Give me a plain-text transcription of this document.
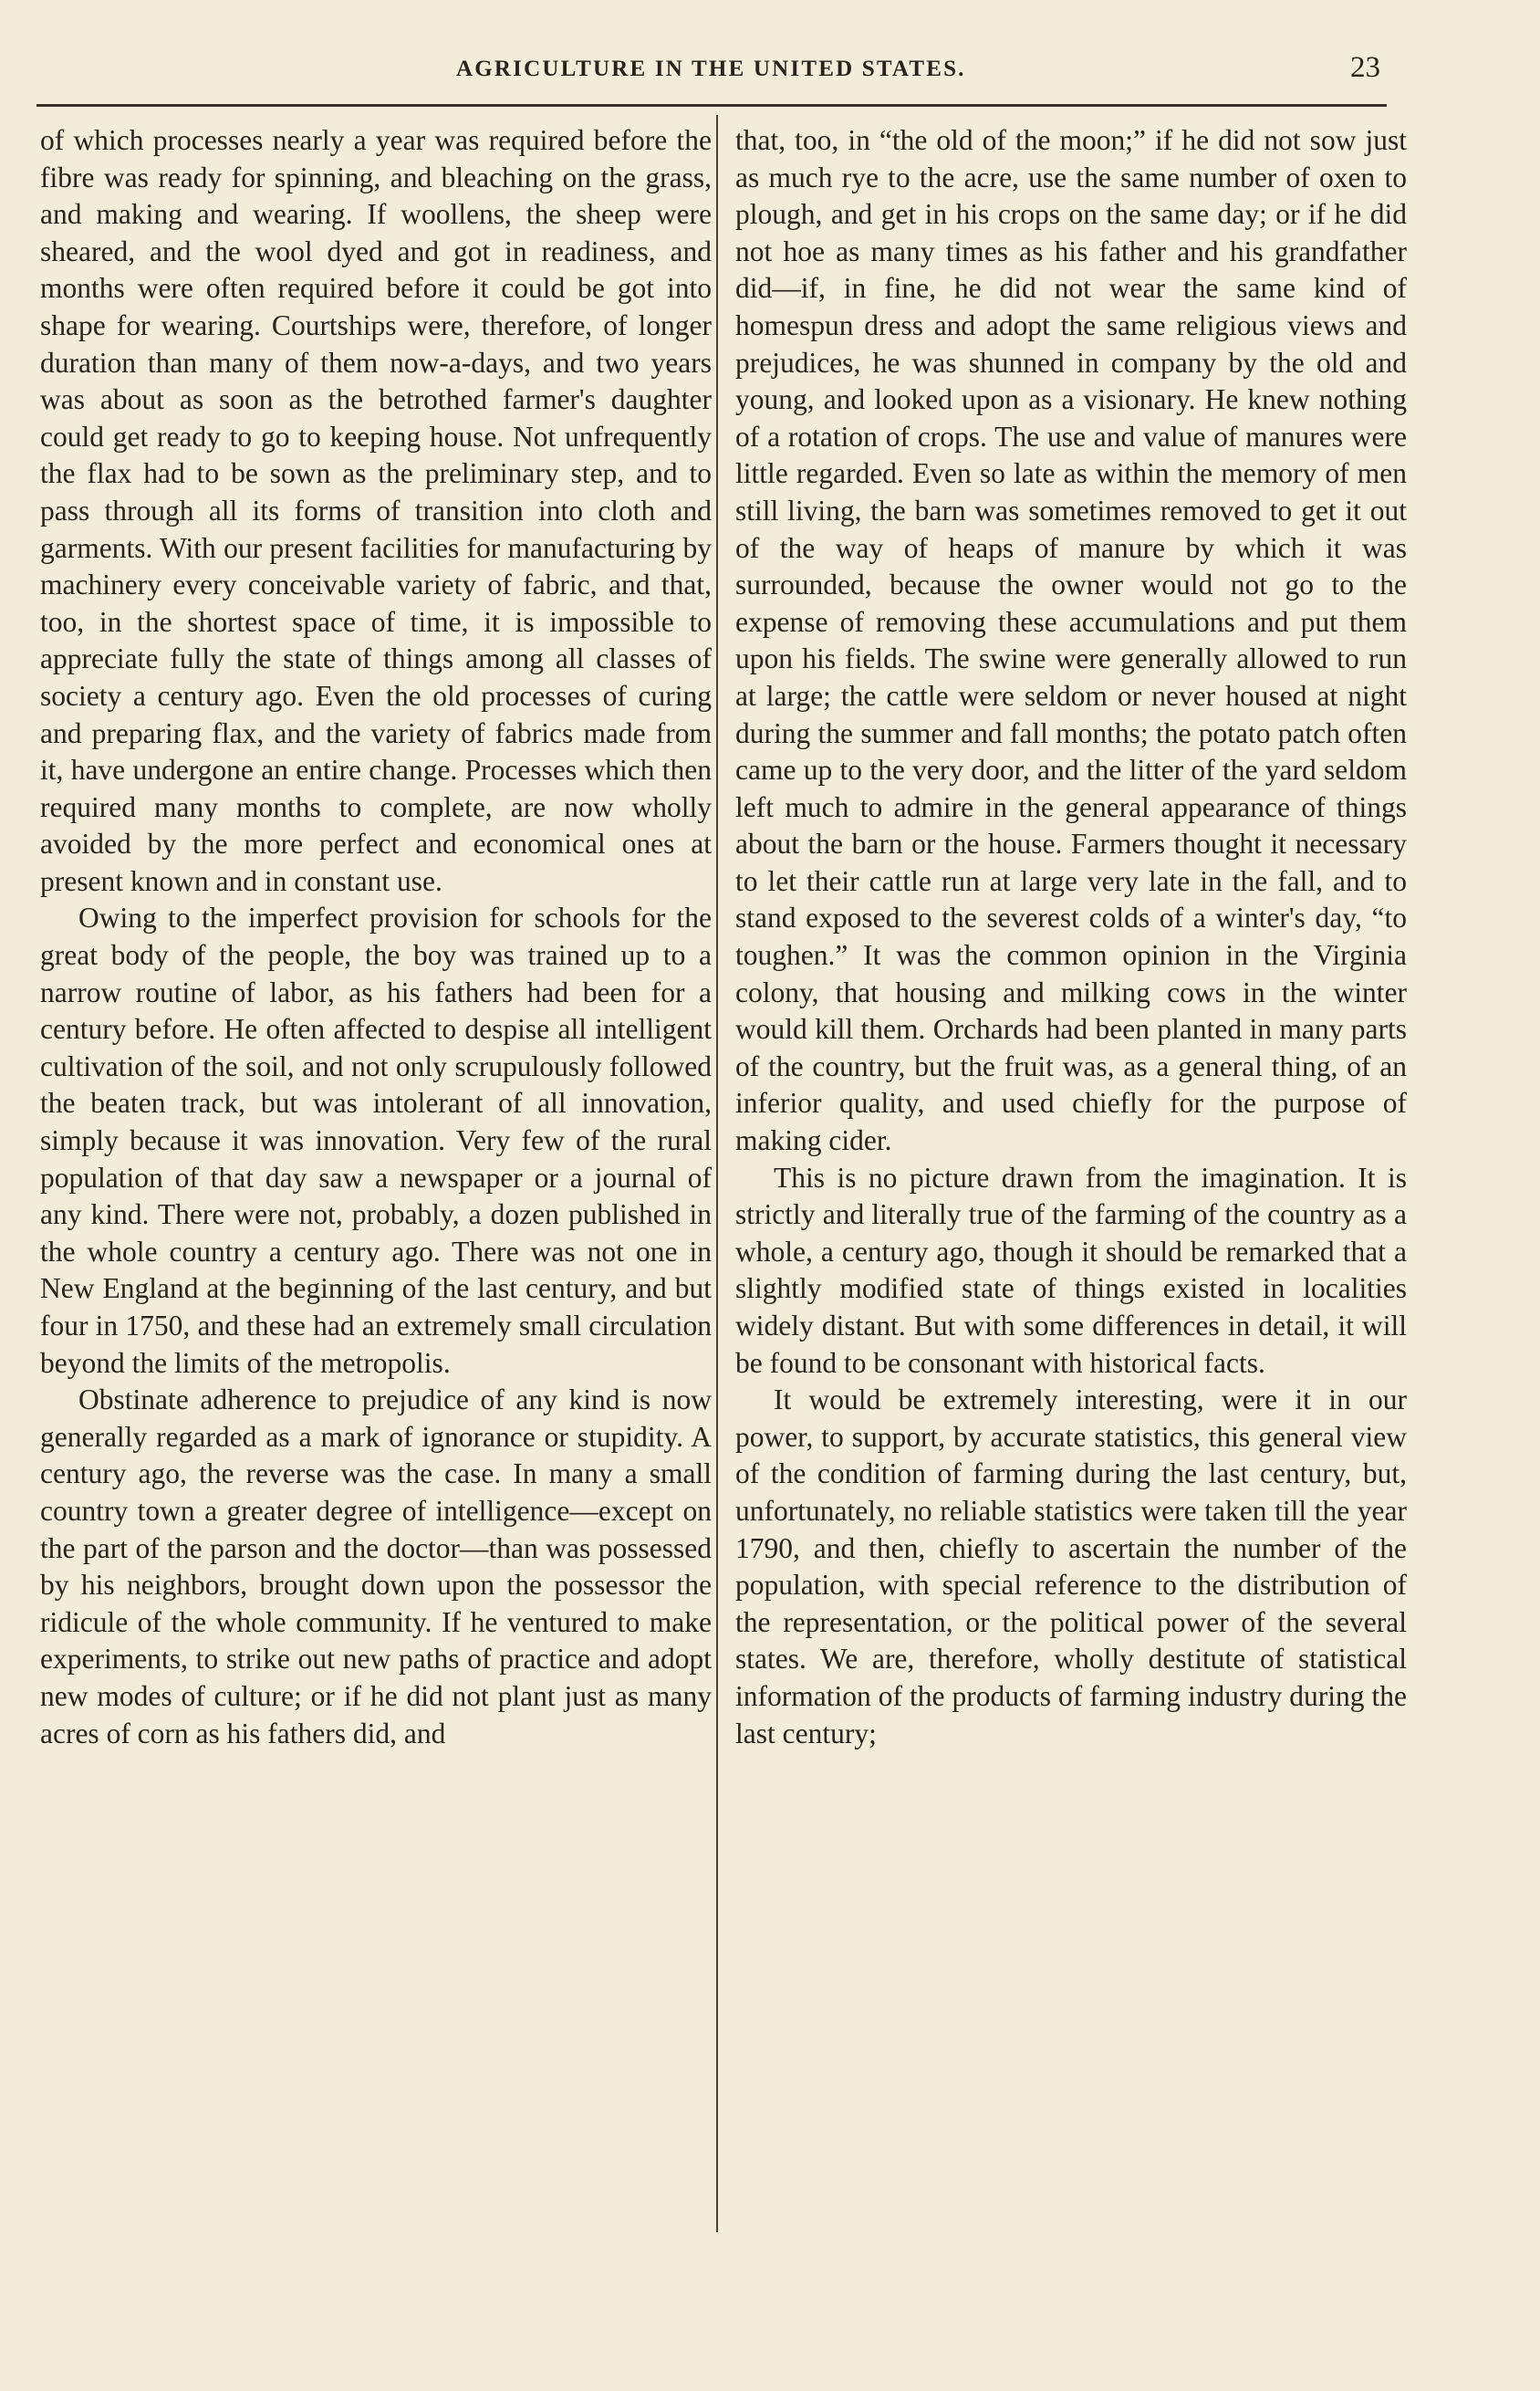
AGRICULTURE IN THE UNITED STATES.	23

of which processes nearly a year was required before the fibre was ready for spinning, and bleaching on the grass, and making and wearing. If woollens, the sheep were sheared, and the wool dyed and got in readiness, and months were often required before it could be got into shape for wearing. Courtships were, therefore, of longer duration than many of them now-a-days, and two years was about as soon as the betrothed farmer's daughter could get ready to go to keeping house. Not unfrequently the flax had to be sown as the preliminary step, and to pass through all its forms of transition into cloth and garments. With our present facilities for manufacturing by machinery every conceivable variety of fabric, and that, too, in the shortest space of time, it is impossible to appreciate fully the state of things among all classes of society a century ago. Even the old processes of curing and preparing flax, and the variety of fabrics made from it, have undergone an entire change. Processes which then required many months to complete, are now wholly avoided by the more perfect and economical ones at present known and in constant use.

Owing to the imperfect provision for schools for the great body of the people, the boy was trained up to a narrow routine of labor, as his fathers had been for a century before. He often affected to despise all intelligent cultivation of the soil, and not only scrupulously followed the beaten track, but was intolerant of all innovation, simply because it was innovation. Very few of the rural population of that day saw a newspaper or a journal of any kind. There were not, probably, a dozen published in the whole country a century ago. There was not one in New England at the beginning of the last century, and but four in 1750, and these had an extremely small circulation beyond the limits of the metropolis.

Obstinate adherence to prejudice of any kind is now generally regarded as a mark of ignorance or stupidity. A century ago, the reverse was the case. In many a small country town a greater degree of intelligence—except on the part of the parson and the doctor—than was possessed by his neighbors, brought down upon the possessor the ridicule of the whole community. If he ventured to make experiments, to strike out new paths of practice and adopt new modes of culture; or if he did not plant just as many acres of corn as his fathers did, and

that, too, in “the old of the moon;” if he did not sow just as much rye to the acre, use the same number of oxen to plough, and get in his crops on the same day; or if he did not hoe as many times as his father and his grandfather did—if, in fine, he did not wear the same kind of homespun dress and adopt the same religious views and prejudices, he was shunned in company by the old and young, and looked upon as a visionary. He knew nothing of a rotation of crops. The use and value of manures were little regarded. Even so late as within the memory of men still living, the barn was sometimes removed to get it out of the way of heaps of manure by which it was surrounded, because the owner would not go to the expense of removing these accumulations and put them upon his fields. The swine were generally allowed to run at large; the cattle were seldom or never housed at night during the summer and fall months; the potato patch often came up to the very door, and the litter of the yard seldom left much to admire in the general appearance of things about the barn or the house. Farmers thought it necessary to let their cattle run at large very late in the fall, and to stand exposed to the severest colds of a winter's day, “to toughen.” It was the common opinion in the Virginia colony, that housing and milking cows in the winter would kill them. Orchards had been planted in many parts of the country, but the fruit was, as a general thing, of an inferior quality, and used chiefly for the purpose of making cider.

This is no picture drawn from the imagination. It is strictly and literally true of the farming of the country as a whole, a century ago, though it should be remarked that a slightly modified state of things existed in localities widely distant. But with some differences in detail, it will be found to be consonant with historical facts.

It would be extremely interesting, were it in our power, to support, by accurate statistics, this general view of the condition of farming during the last century, but, unfortunately, no reliable statistics were taken till the year 1790, and then, chiefly to ascertain the number of the population, with special reference to the distribution of the representation, or the political power of the several states. We are, therefore, wholly destitute of statistical information of the products of farming industry during the last century;
